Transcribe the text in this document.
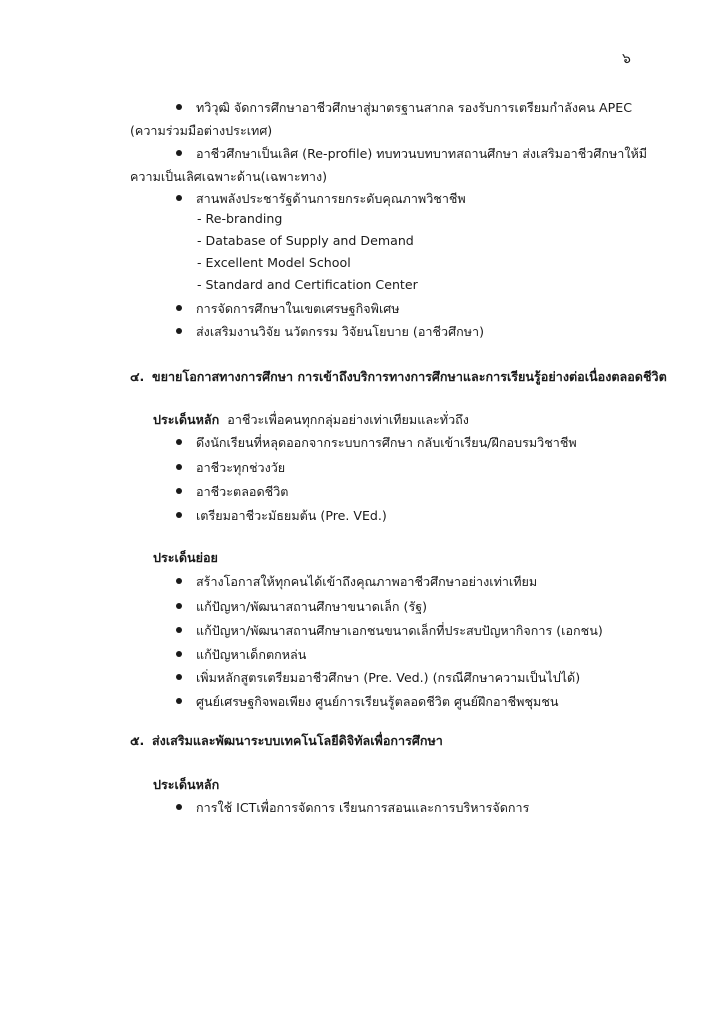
๖
ทวิวุฒิ จัดการศึกษาอาชีวศึกษาสู่มาตรฐานสากล รองรับการเตรียมกำลังคน APEC
(ความร่วมมือต่างประเทศ)
อาชีวศึกษาเป็นเลิศ (Re-profile) ทบทวนบทบาทสถานศึกษา ส่งเสริมอาชีวศึกษาให้มี
ความเป็นเลิศเฉพาะด้าน(เฉพาะทาง)
สานพลังประชารัฐด้านการยกระดับคุณภาพวิชาชีพ
- Re-branding
- Database of Supply and Demand
- Excellent Model School
- Standard and Certification Center
การจัดการศึกษาในเขตเศรษฐกิจพิเศษ
ส่งเสริมงานวิจัย นวัตกรรม วิจัยนโยบาย (อาชีวศึกษา)
๔. ขยายโอกาสทางการศึกษา การเข้าถึงบริการทางการศึกษาและการเรียนรู้อย่างต่อเนื่องตลอดชีวิต
ประเด็นหลัก อาชีวะเพื่อคนทุกกลุ่มอย่างเท่าเทียมและทั่วถึง
ดึงนักเรียนที่หลุดออกจากระบบการศึกษา กลับเข้าเรียน/ฝึกอบรมวิชาชีพ
อาชีวะทุกช่วงวัย
อาชีวะตลอดชีวิต
เตรียมอาชีวะมัธยมต้น (Pre. VEd.)
ประเด็นย่อย
สร้างโอกาสให้ทุกคนได้เข้าถึงคุณภาพอาชีวศึกษาอย่างเท่าเทียม
แก้ปัญหา/พัฒนาสถานศึกษาขนาดเล็ก (รัฐ)
แก้ปัญหา/พัฒนาสถานศึกษาเอกชนขนาดเล็กที่ประสบปัญหากิจการ (เอกชน)
แก้ปัญหาเด็กตกหล่น
เพิ่มหลักสูตรเตรียมอาชีวศึกษา (Pre. Ved.) (กรณีศึกษาความเป็นไปได้)
ศูนย์เศรษฐกิจพอเพียง ศูนย์การเรียนรู้ตลอดชีวิต ศูนย์ฝึกอาชีพชุมชน
๕. ส่งเสริมและพัฒนาระบบเทคโนโลยีดิจิทัลเพื่อการศึกษา
ประเด็นหลัก
การใช้ ICTเพื่อการจัดการ เรียนการสอนและการบริหารจัดการ
